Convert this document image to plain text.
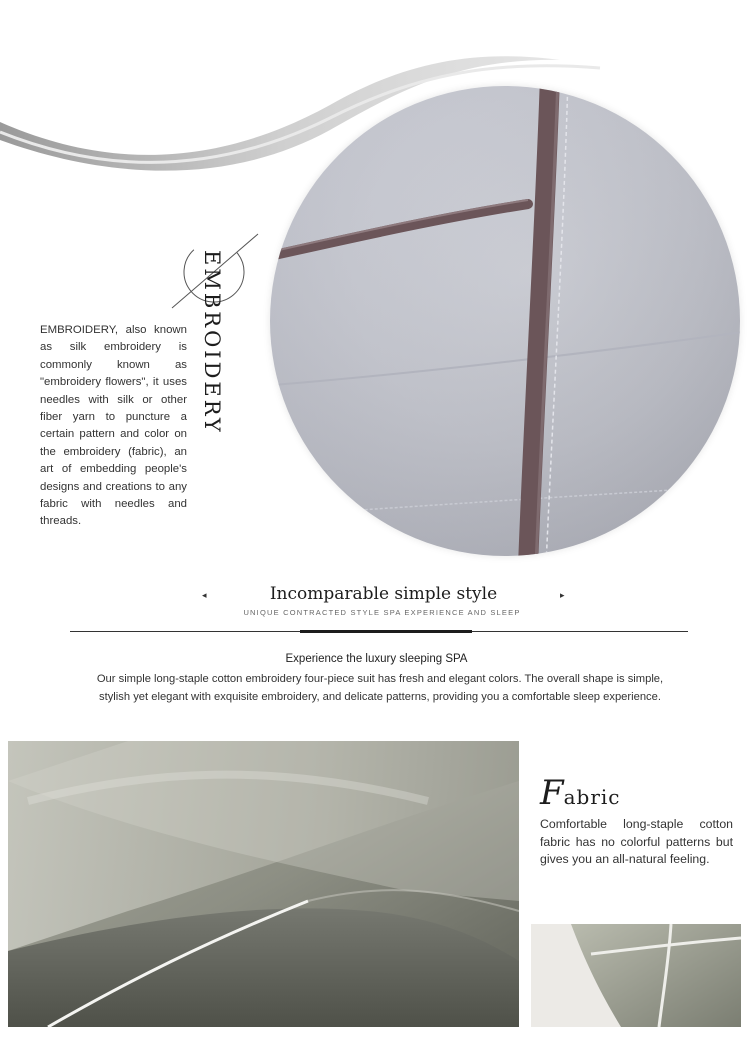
EMBROIDERY
EMBROIDERY, also known as silk embroidery is commonly known as "embroidery flowers", it uses needles with silk or other fiber yarn to puncture a certain pattern and color on the embroidery (fabric), an art of embedding people's designs and creations to any fabric with needles and threads.
◂	▸
Incomparable simple style
UNIQUE CONTRACTED STYLE SPA EXPERIENCE AND SLEEP
Experience the luxury sleeping SPA
Our simple long-staple cotton embroidery four-piece suit has fresh and elegant colors. The overall shape is simple, stylish yet elegant with exquisite embroidery, and delicate patterns, providing you a comfortable sleep experience.
Fabric
Comfortable long-staple cotton fabric has no colorful patterns but gives you an all-natural feeling.
